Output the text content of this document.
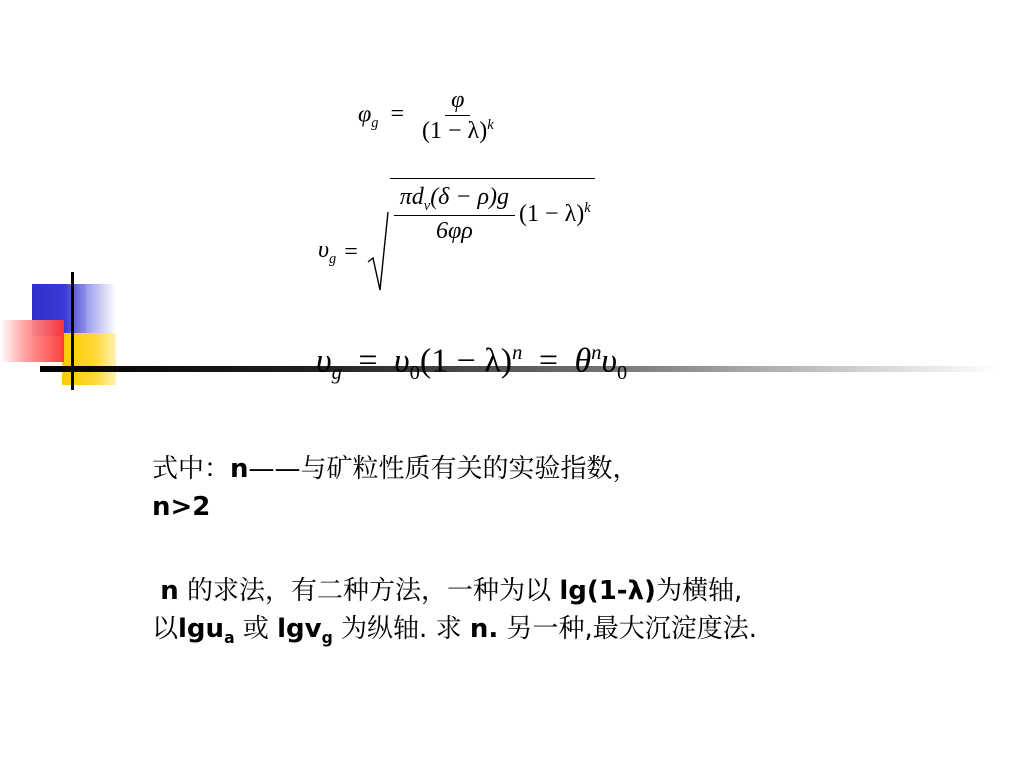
$\varphi_g = \frac{\varphi}{(1 - \lambda)^k}$
$\upsilon_g$ =
$\frac{\pi d_v(\delta - \rho)g}{6\varphi\rho} (1 - \lambda)^k$
$\upsilon_g = \upsilon_0(1 - \lambda)^n = \theta^n\upsilon_0$
式中：n——与矿粒性质有关的实验指数，
n>2
n 的求法，有二种方法，一种为以 lg(1-λ)为横轴,
以lgu$_a$ 或 lgv$_g$ 为纵轴. 求 n. 另一种,最大沉淀度法.
